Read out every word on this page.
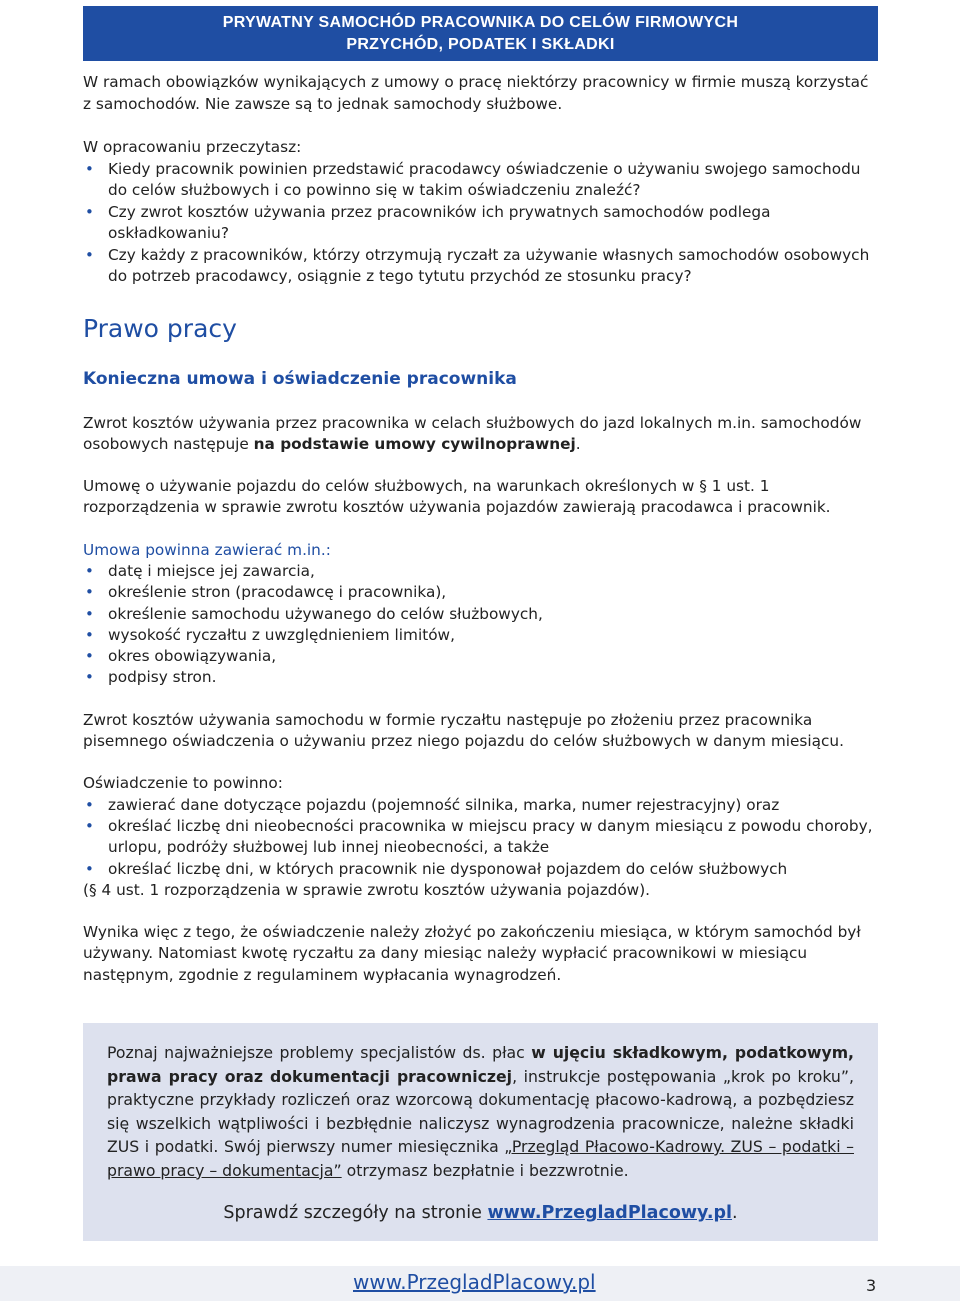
PRYWATNY SAMOCHÓD PRACOWNIKA DO CELÓW FIRMOWYCH
PRZYCHÓD, PODATEK I SKŁADKI

W ramach obowiązków wynikających z umowy o pracę niektórzy pracownicy w firmie muszą korzystać z samochodów. Nie zawsze są to jednak samochody służbowe.

W opracowaniu przeczytasz:

• Kiedy pracownik powinien przedstawić pracodawcy oświadczenie o używaniu swojego samochodu do celów służbowych i co powinno się w takim oświadczeniu znaleźć?
• Czy zwrot kosztów używania przez pracowników ich prywatnych samochodów podlega oskładkowaniu?
• Czy każdy z pracowników, którzy otrzymują ryczałt za używanie własnych samochodów osobowych do potrzeb pracodawcy, osiągnie z tego tytutu przychód ze stosunku pracy?
Prawo pracy
Konieczna umowa i oświadczenie pracownika

Zwrot kosztów używania przez pracownika w celach służbowych do jazd lokalnych m.in. samochodów osobowych następuje na podstawie umowy cywilnoprawnej.

Umowę o używanie pojazdu do celów służbowych, na warunkach określonych w § 1 ust. 1 rozporządzenia w sprawie zwrotu kosztów używania pojazdów zawierają pracodawca i pracownik.

Umowa powinna zawierać m.in.:

• datę i miejsce jej zawarcia,
• określenie stron (pracodawcę i pracownika),
• określenie samochodu używanego do celów służbowych,
• wysokość ryczałtu z uwzględnieniem limitów,
• okres obowiązywania,
• podpisy stron.

Zwrot kosztów używania samochodu w formie ryczałtu następuje po złożeniu przez pracownika pisemnego oświadczenia o używaniu przez niego pojazdu do celów służbowych w danym miesiącu.

Oświadczenie to powinno:

• zawierać dane dotyczące pojazdu (pojemność silnika, marka, numer rejestracyjny) oraz
• określać liczbę dni nieobecności pracownika w miejscu pracy w danym miesiącu z powodu choroby, urlopu, podróży służbowej lub innej nieobecności, a także
• określać liczbę dni, w których pracownik nie dysponował pojazdem do celów służbowych

(§ 4 ust. 1 rozporządzenia w sprawie zwrotu kosztów używania pojazdów).

Wynika więc z tego, że oświadczenie należy złożyć po zakończeniu miesiąca, w którym samochód był używany. Natomiast kwotę ryczałtu za dany miesiąc należy wypłacić pracownikowi w miesiącu następnym, zgodnie z regulaminem wypłacania wynagrodzeń.

Poznaj najważniejsze problemy specjalistów ds. płac w ujęciu składkowym, podatkowym, prawa pracy oraz dokumentacji pracowniczej, instrukcje postępowania „krok po kroku”, praktyczne przykłady rozliczeń oraz wzorcową dokumentację płacowo-kadrową, a pozbędziesz się wszelkich wątpliwości i bezbłędnie naliczysz wynagrodzenia pracownicze, należne składki ZUS i podatki. Swój pierwszy numer miesięcznika „Przegląd Płacowo-Kadrowy. ZUS – podatki – prawo pracy – dokumentacja” otrzymasz bezpłatnie i bezzwrotnie.
Sprawdź szczegóły na stronie www.PrzegladPlacowy.pl.
www.PrzegladPlacowy.pl	3
